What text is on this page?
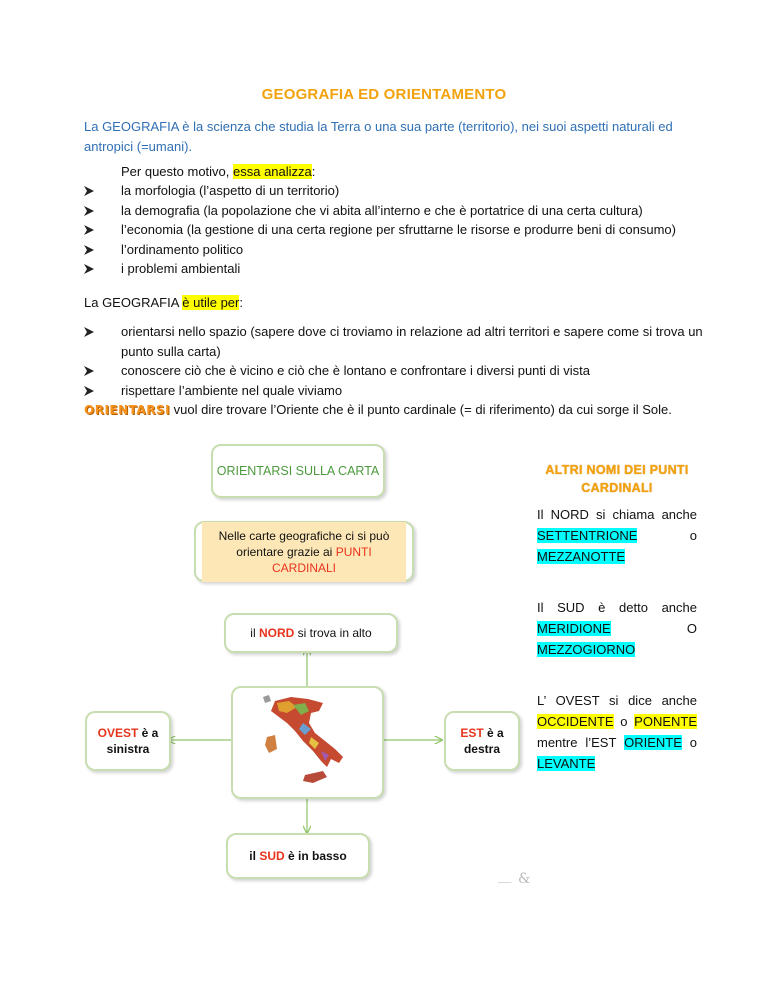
GEOGRAFIA ED ORIENTAMENTO
La GEOGRAFIA è la scienza che studia la Terra o una sua parte (territorio), nei suoi aspetti naturali ed antropici (=umani).
Per questo motivo, essa analizza:
la morfologia (l’aspetto di un territorio)
la demografia (la popolazione che vi abita all’interno e che è portatrice di una certa cultura)
l’economia (la gestione di una certa regione per sfruttarne le risorse e produrre beni di consumo)
l’ordinamento politico
i problemi ambientali
La GEOGRAFIA è utile per:
orientarsi nello spazio (sapere dove ci troviamo in relazione ad altri territori e sapere come si trova un punto sulla carta)
conoscere ciò che è vicino e ciò che è lontano e confrontare i diversi punti di vista
rispettare l’ambiente nel quale viviamo
ORIENTARSI vuol dire trovare l’Oriente che è il punto cardinale (= di riferimento) da cui sorge il Sole.
ORIENTARSI SULLA CARTA
Nelle carte geografiche ci si può
orientare grazie ai PUNTI CARDINALI
il NORD si trova in alto
OVEST è a
sinistra
EST è a
destra
il SUD è in basso
ALTRI NOMI DEI PUNTI
CARDINALI
Il NORD si chiama anche SETTENTRIONE	o

MEZZANOTTE
Il SUD è detto anche MERIDIONE	O

MEZZOGIORNO
L’ OVEST si dice anche OCCIDENTE o PONENTE mentre l’EST ORIENTE o LEVANTE
▁▁▁▁▁ &
